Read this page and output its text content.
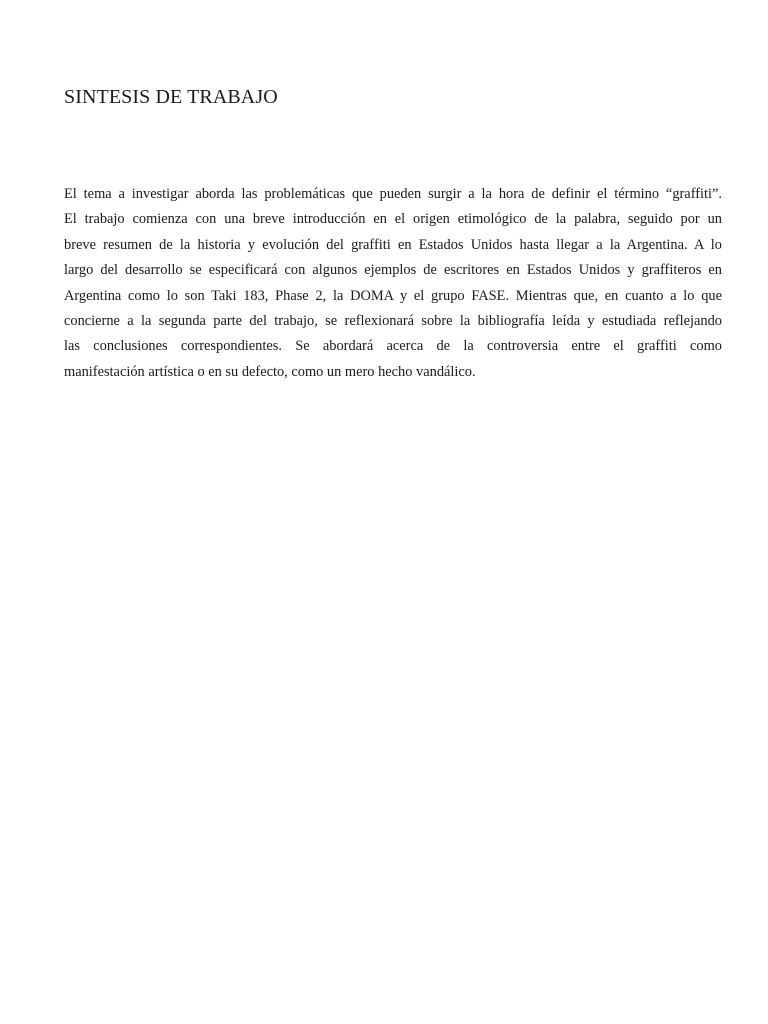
SINTESIS DE TRABAJO
El tema a investigar aborda las problemáticas que pueden surgir a la hora de definir el término “graffiti”.
El trabajo comienza con una breve introducción en el origen etimológico de la palabra, seguido por un
breve resumen de la historia y evolución del graffiti en Estados Unidos hasta llegar a la Argentina. A lo
largo del desarrollo se especificará con algunos ejemplos de escritores en Estados Unidos y graffiteros en
Argentina como lo son Taki 183, Phase 2, la DOMA y el grupo FASE. Mientras que, en cuanto a lo que
concierne a la segunda parte del trabajo, se reflexionará sobre la bibliografía leída y estudiada reflejando
las conclusiones correspondientes. Se abordará acerca de la controversia entre el graffiti como
manifestación artística o en su defecto, como un mero hecho vandálico.
